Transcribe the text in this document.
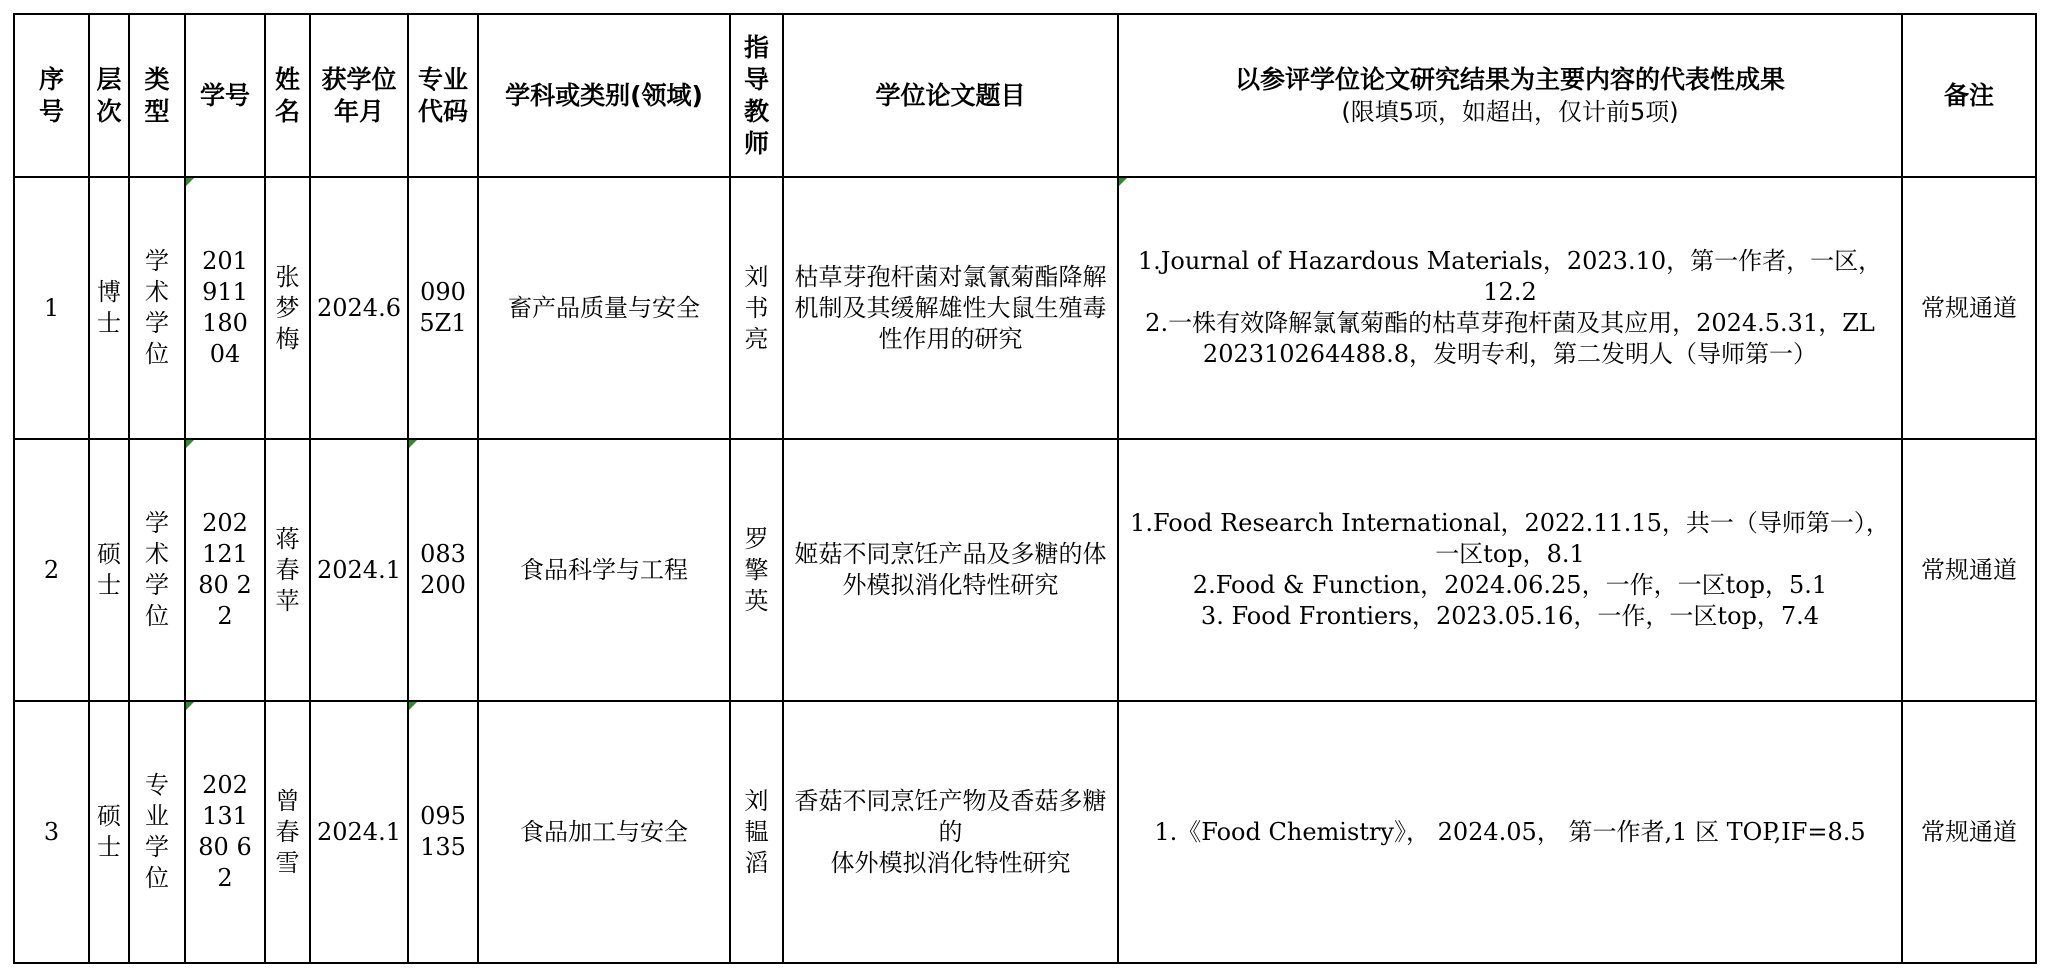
序号	层次	类型	学号	姓名	获学位年月	专业代码	学科或类别(领域)	指导教师	学位论文题目	以参评学位论文研究结果为主要内容的代表性成果
(限填5项，如超出，仅计前5项)	备注

1	博士	学术学位	201911180 04	张梦梅	2024.6	0905Z1	畜产品质量与安全	刘书亮	枯草芽孢杆菌对氯氰菊酯降解机制及其缓解雄性大鼠生殖毒性作用的研究	1.Journal of Hazardous Materials，2023.10，第一作者，一区，12.2
2.一株有效降解氯氰菊酯的枯草芽孢杆菌及其应用，2024.5.31，ZL 202310264488.8，发明专利，第二发明人（导师第一）	常规通道
2	硕士	学术学位	20212180 22	蒋春苹	2024.1	083200	食品科学与工程	罗擎英	姬菇不同烹饪产品及多糖的体外模拟消化特性研究	1.Food Research International，2022.11.15，共一（导师第一），一区top，8.1
2.Food & Function，2024.06.25，一作，一区top，5.1
3. Food Frontiers，2023.05.16，一作，一区top，7.4	常规通道
3	硕士	专业学位	20213180 62	曾春雪	2024.1	095135	食品加工与安全	刘韫滔	香菇不同烹饪产物及香菇多糖的
体外模拟消化特性研究	1.《Food Chemistry》， 2024.05， 第一作者,1 区 TOP,IF=8.5	常规通道
